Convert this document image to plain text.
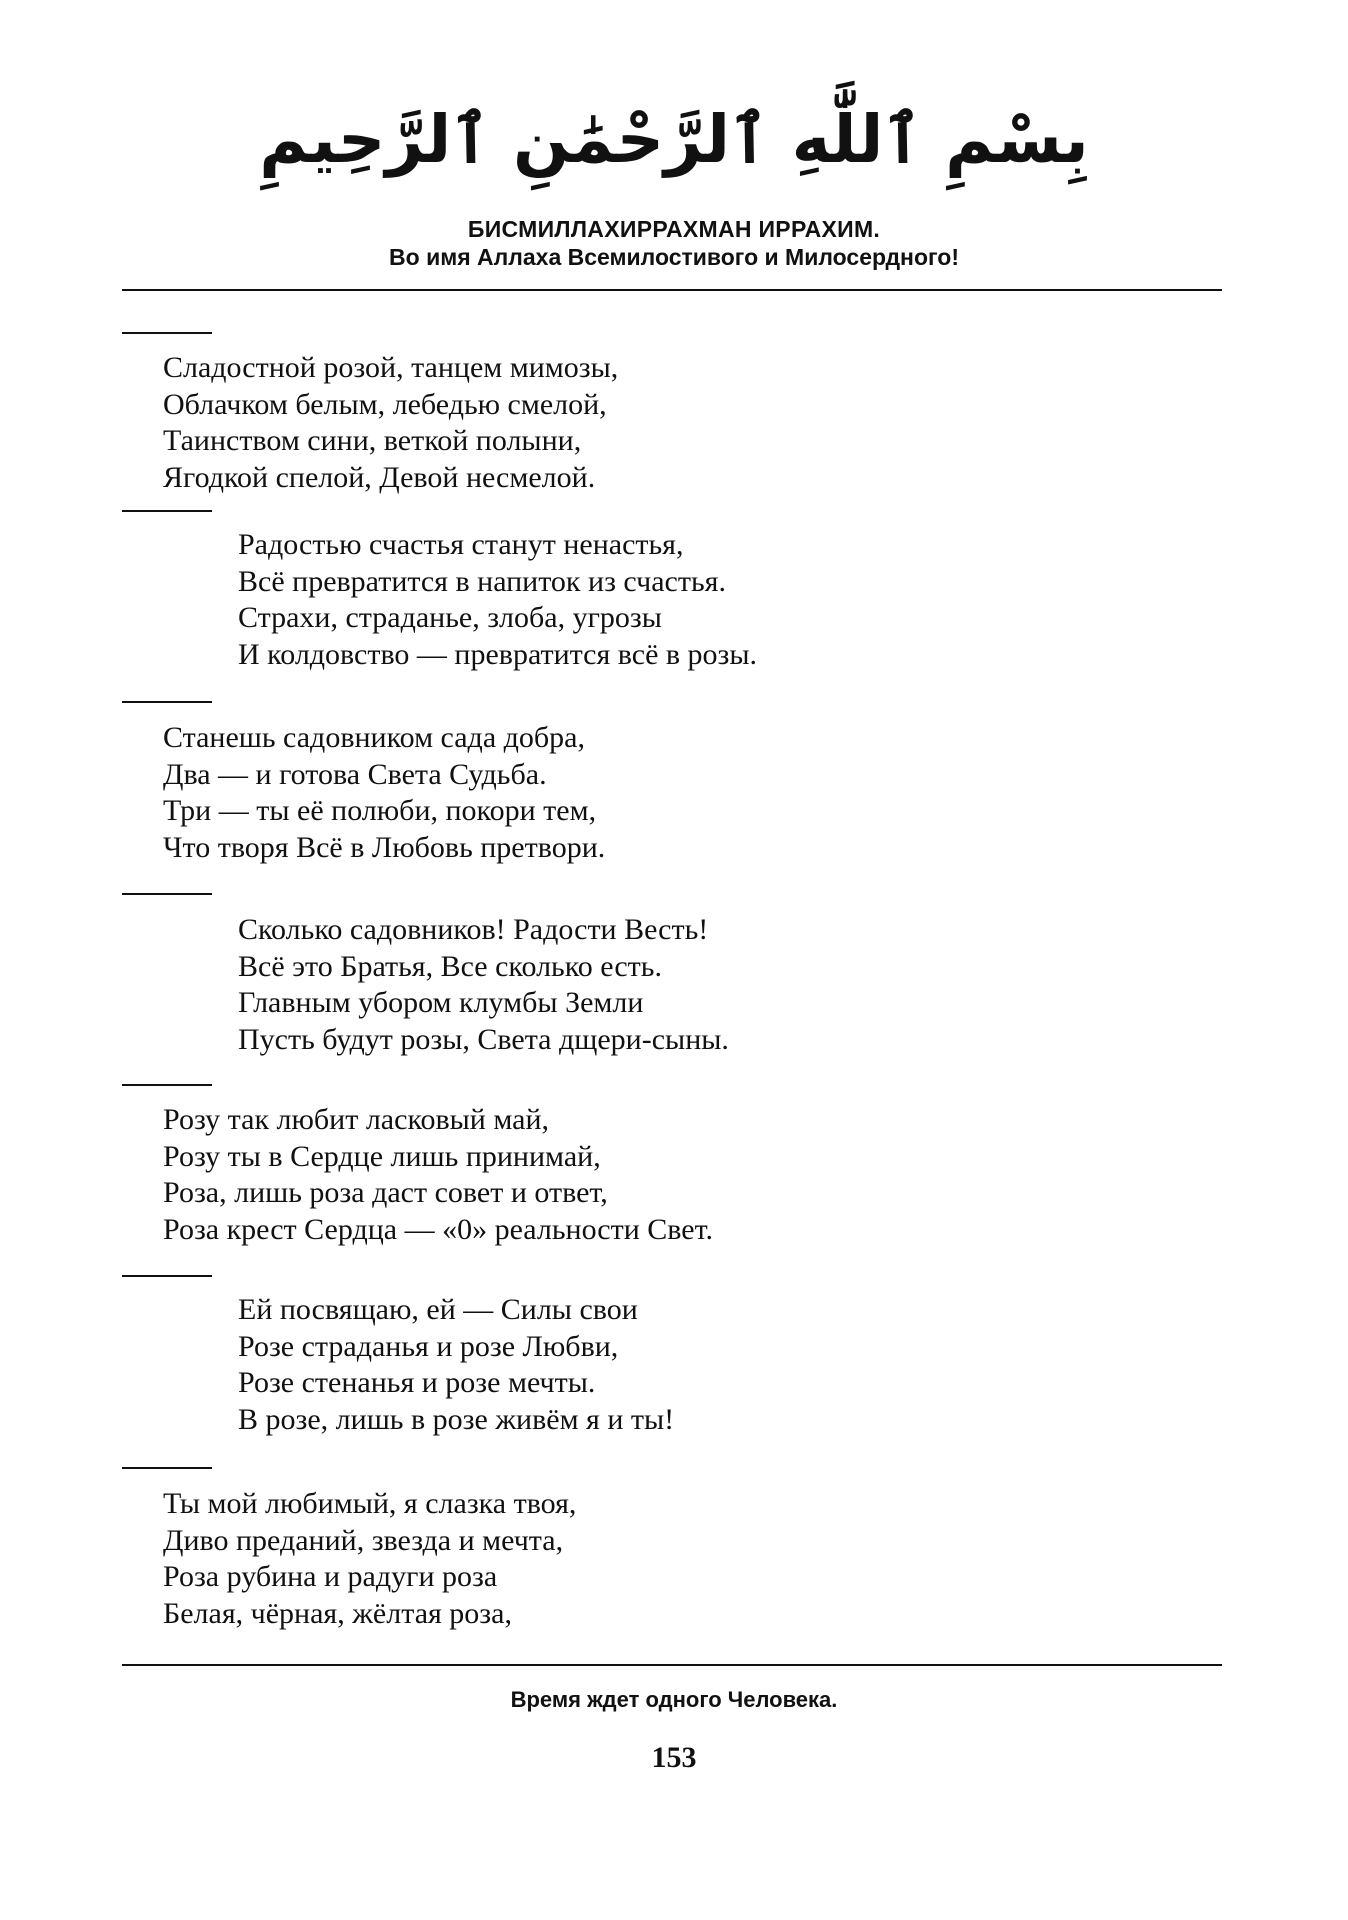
بِسْمِ ٱللَّٰهِ ٱلرَّحْمَٰنِ ٱلرَّحِيمِ
БИСМИЛЛАХИРРАХМАН ИРРАХИМ.
Во имя Аллаха Всемилостивого и Милосердного!
Сладостной розой, танцем мимозы,
Облачком белым, лебедью смелой,
Таинством сини, веткой полыни,
Ягодкой спелой, Девой несмелой.
Радостью счастья станут ненастья,
Всё превратится в напиток из счастья.
Страхи, страданье, злоба, угрозы
И колдовство — превратится всё в розы.
Станешь садовником сада добра,
Два — и готова Света Судьба.
Три — ты её полюби, покори тем,
Что творя Всё в Любовь претвори.
Сколько садовников! Радости Весть!
Всё это Братья, Все сколько есть.
Главным убором клумбы Земли
Пусть будут розы, Света дщери-сыны.
Розу так любит ласковый май,
Розу ты в Сердце лишь принимай,
Роза, лишь роза даст совет и ответ,
Роза крест Сердца — «0» реальности Свет.
Ей посвящаю, ей — Силы свои
Розе страданья и розе Любви,
Розе стенанья и розе мечты.
В розе, лишь в розе живём я и ты!
Ты мой любимый, я слазка твоя,
Диво преданий, звезда и мечта,
Роза рубина и радуги роза
Белая, чёрная, жёлтая роза,
Время ждет одного Человека.
153
